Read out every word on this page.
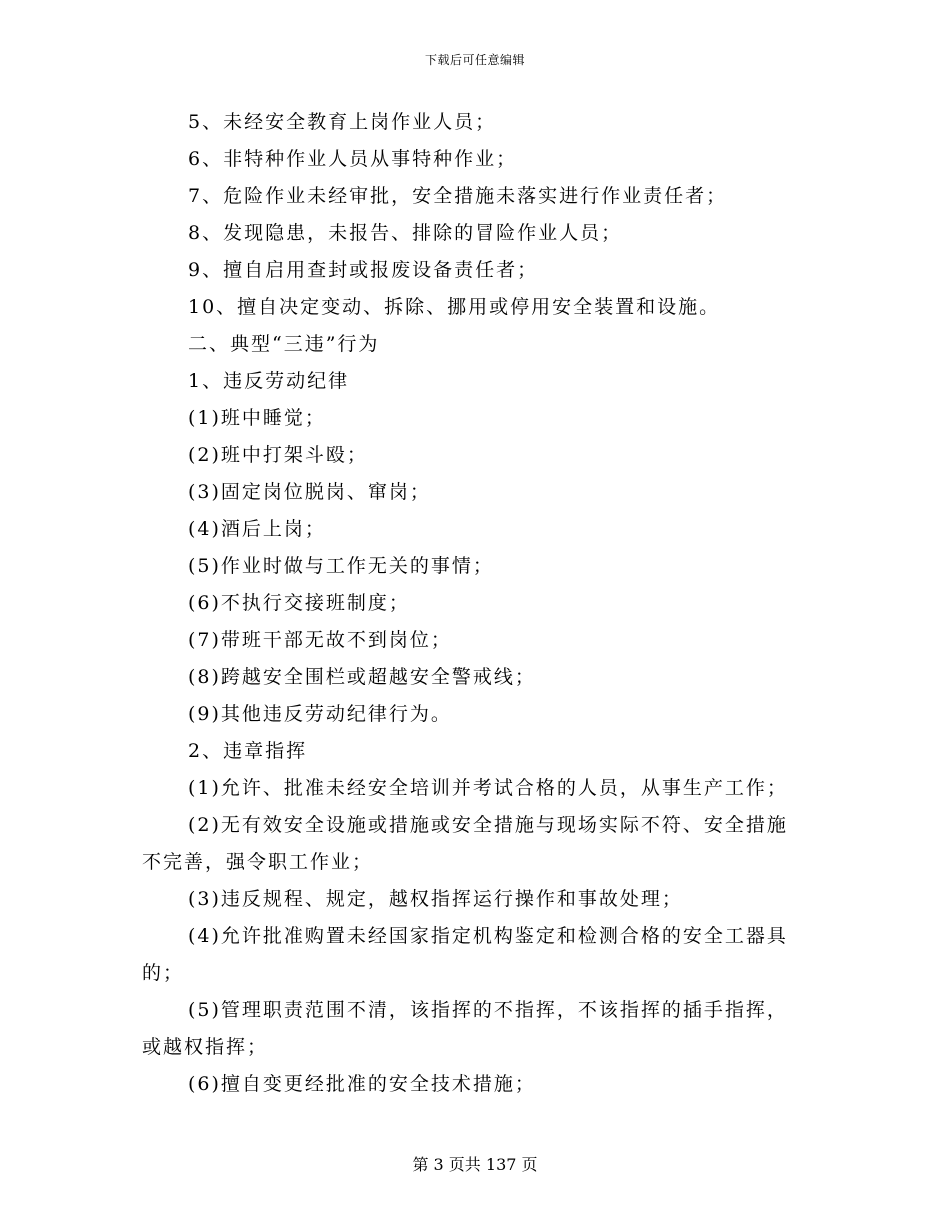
下载后可任意编辑
5、未经安全教育上岗作业人员；
6、非特种作业人员从事特种作业；
7、危险作业未经审批，安全措施未落实进行作业责任者；
8、发现隐患，未报告、排除的冒险作业人员；
9、擅自启用查封或报废设备责任者；
10、擅自决定变动、拆除、挪用或停用安全装置和设施。
二、典型“三违”行为
1、违反劳动纪律
(1)班中睡觉；
(2)班中打架斗殴；
(3)固定岗位脱岗、窜岗；
(4)酒后上岗；
(5)作业时做与工作无关的事情；
(6)不执行交接班制度；
(7)带班干部无故不到岗位；
(8)跨越安全围栏或超越安全警戒线；
(9)其他违反劳动纪律行为。
2、违章指挥
(1)允许、批准未经安全培训并考试合格的人员，从事生产工作；
(2)无有效安全设施或措施或安全措施与现场实际不符、安全措施
不完善，强令职工作业；
(3)违反规程、规定，越权指挥运行操作和事故处理；
(4)允许批准购置未经国家指定机构鉴定和检测合格的安全工器具
的；
(5)管理职责范围不清，该指挥的不指挥，不该指挥的插手指挥，
或越权指挥；
(6)擅自变更经批准的安全技术措施；
第 3 页共 137 页
